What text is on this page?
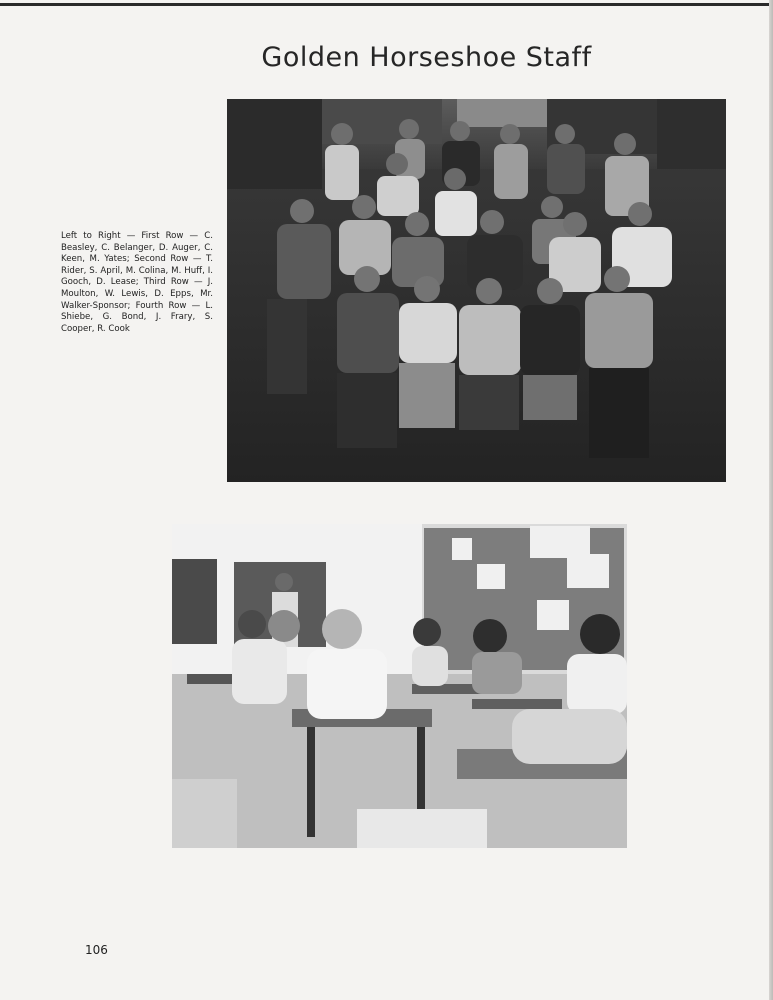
Golden Horseshoe Staff
Left to Right — First Row — C. Beasley, C. Belanger, D. Auger, C. Keen, M. Yates; Second Row — T. Rider, S. April, M. Colina, M. Huff, I. Gooch, D. Lease; Third Row — J. Moulton, W. Lewis, D. Epps, Mr. Walker-Sponsor; Fourth Row — L. Shiebe, G. Bond, J. Frary, S. Cooper, R. Cook
106
